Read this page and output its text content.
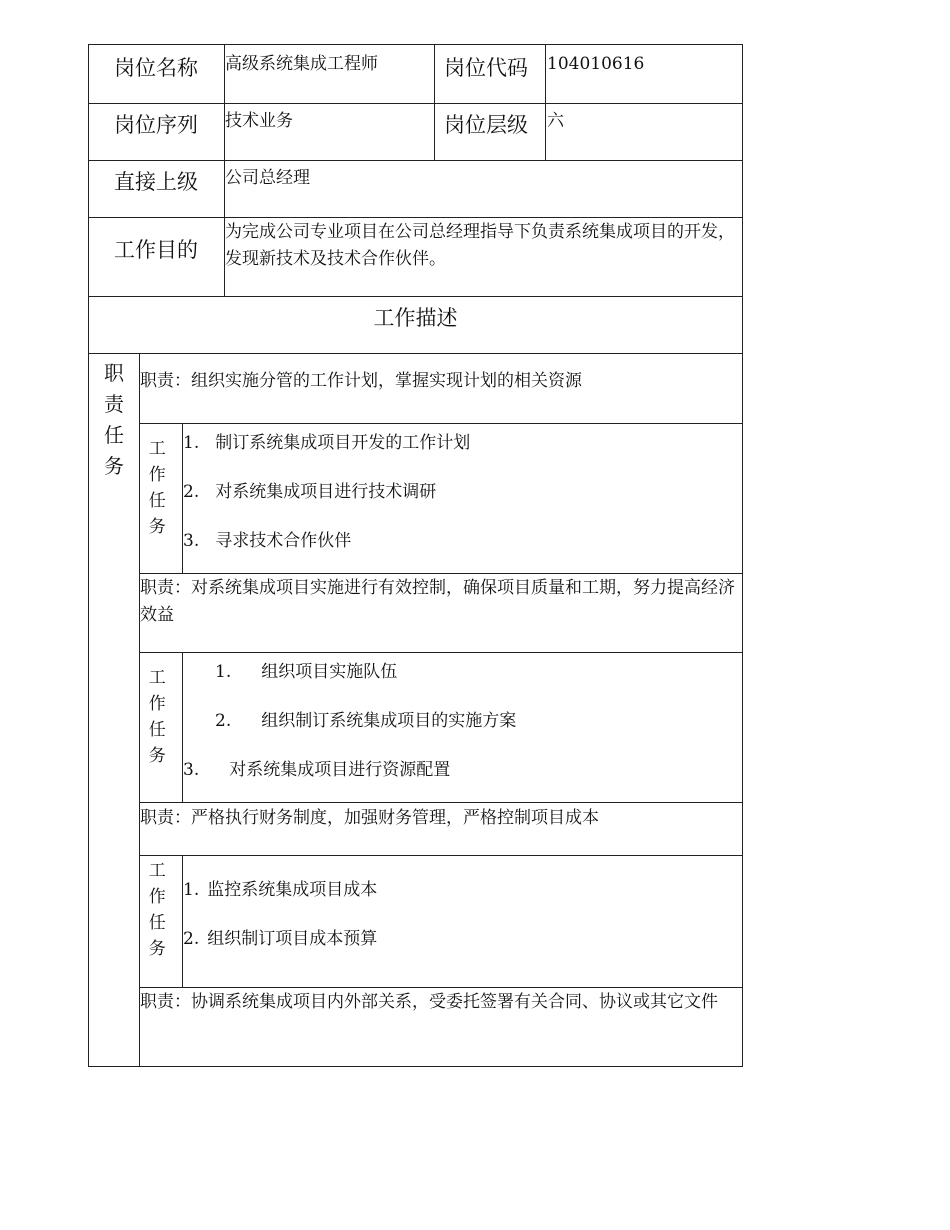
岗位名称 高级系统集成工程师	岗位代码 104010616
岗位序列 技术业务	岗位层级 六
直接上级 公司总经理
工作目的
为完成公司专业项目在公司总经理指导下负责系统集成项目的开发，发现新技术及技术合作伙伴。
工作描述
职
责
任
务
职责：组织实施分管的工作计划，掌握实现计划的相关资源
工
作
任
务
1. 制订系统集成项目开发的工作计划
2. 对系统集成项目进行技术调研
3. 寻求技术合作伙伴
职责：对系统集成项目实施进行有效控制，确保项目质量和工期，努力提高经济效益
工
作
任
务
1. 组织项目实施队伍
2. 组织制订系统集成项目的实施方案
3. 对系统集成项目进行资源配置
职责：严格执行财务制度，加强财务管理，严格控制项目成本
工
作
任
务
1. 监控系统集成项目成本
2. 组织制订项目成本预算
职责：协调系统集成项目内外部关系，受委托签署有关合同、协议或其它文件
